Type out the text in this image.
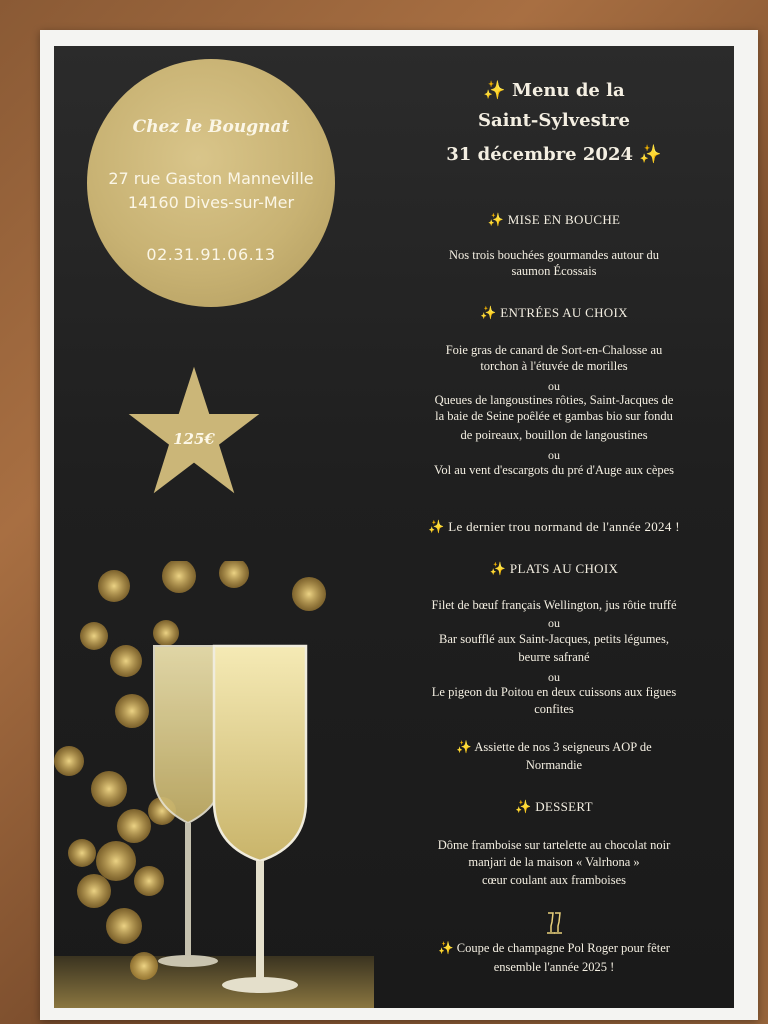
Chez le Bougnat
27 rue Gaston Manneville
14160 Dives-sur-Mer
02.31.91.06.13
125€
✨ Menu de la
Saint-Sylvestre
31 décembre 2024 ✨
✨ MISE EN BOUCHE
Nos trois bouchées gourmandes autour du
saumon Écossais
✨ ENTRÉES AU CHOIX
Foie gras de canard de Sort-en-Chalosse au
torchon à l'étuvée de morilles
ou
Queues de langoustines rôties, Saint-Jacques de
la baie de Seine poêlée et gambas bio sur fondu
de poireaux, bouillon de langoustines
ou
Vol au vent d'escargots du pré d'Auge aux cèpes
✨ Le dernier trou normand de l'année 2024 !
✨ PLATS AU CHOIX
Filet de bœuf français Wellington, jus rôtie truffé
ou
Bar soufflé aux Saint-Jacques, petits légumes,
beurre safrané
ou
Le pigeon du Poitou en deux cuissons aux figues
confites
✨ Assiette de nos 3 seigneurs AOP de
Normandie
✨ DESSERT
Dôme framboise sur tartelette au chocolat noir
manjari de la maison « Valrhona »
cœur coulant aux framboises
✨ Coupe de champagne Pol Roger pour fêter
ensemble l'année 2025 !
